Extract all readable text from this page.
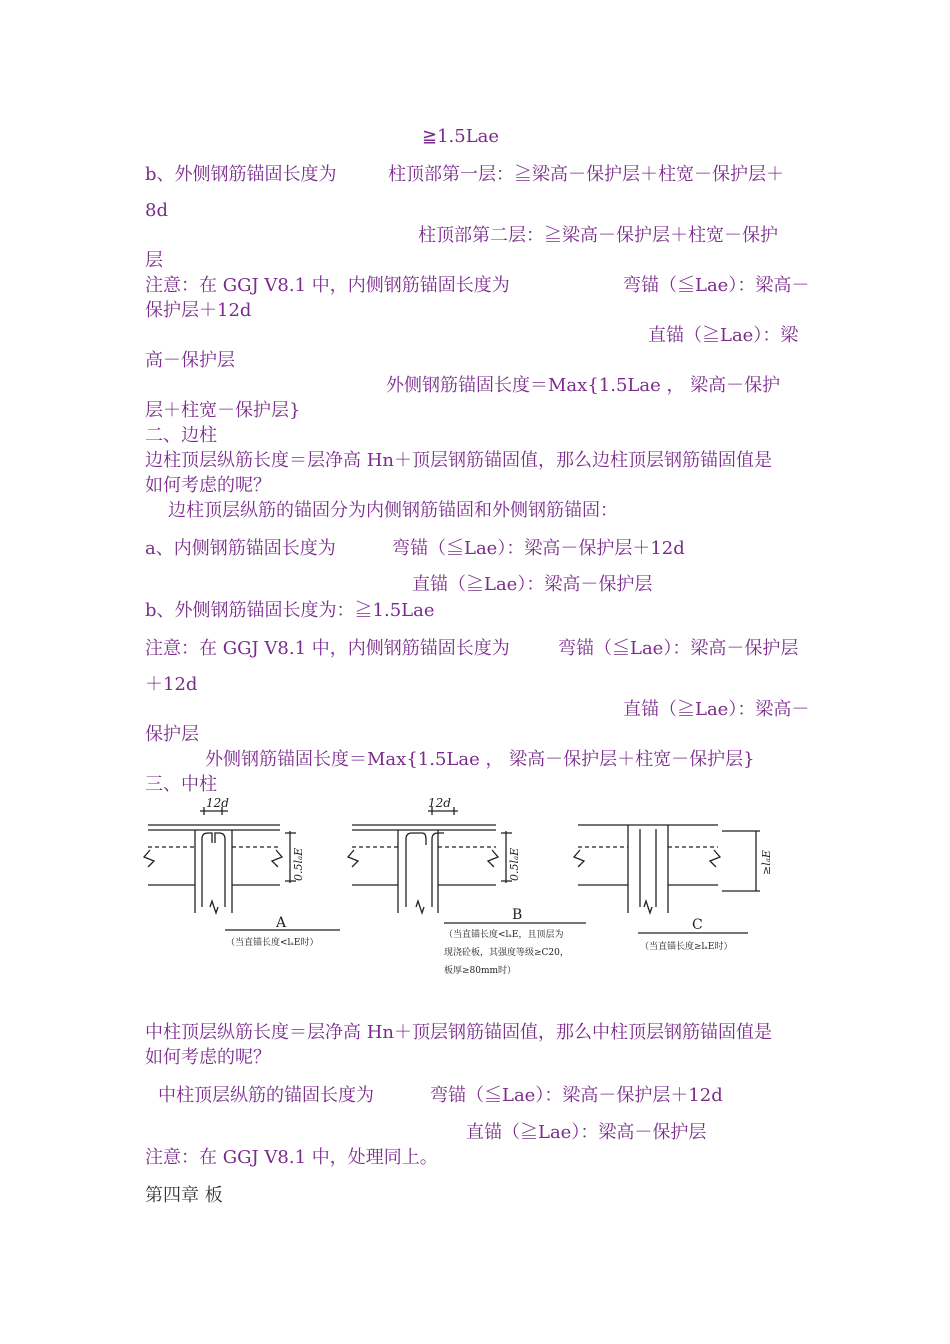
≧1.5Lae
b、外侧钢筋锚固长度为	柱顶部第一层：≧梁高－保护层＋柱宽－保护层＋
8d
柱顶部第二层：≧梁高－保护层＋柱宽－保护
层
注意：在 GGJ V8.1 中，内侧钢筋锚固长度为	弯锚（≦Lae）：梁高－
保护层＋12d
直锚（≧Lae）：梁
高－保护层
外侧钢筋锚固长度＝Max{1.5Lae ， 梁高－保护
层＋柱宽－保护层}
二、边柱
边柱顶层纵筋长度＝层净高 Hn＋顶层钢筋锚固值，那么边柱顶层钢筋锚固值是
如何考虑的呢？
边柱顶层纵筋的锚固分为内侧钢筋锚固和外侧钢筋锚固：
a、内侧钢筋锚固长度为	弯锚（≦Lae）：梁高－保护层＋12d
直锚（≧Lae）：梁高－保护层
b、外侧钢筋锚固长度为：≧1.5Lae
注意：在 GGJ V8.1 中，内侧钢筋锚固长度为	弯锚（≦Lae）：梁高－保护层
＋12d
直锚（≧Lae）：梁高－
保护层
外侧钢筋锚固长度＝Max{1.5Lae ， 梁高－保护层＋柱宽－保护层}
三、中柱
12d
0.5lₐE
A
（当直锚长度<lₐE时）
12d
0.5lₐE
B
（当直锚长度<lₐE，且顶层为
现浇砼板，其强度等级≥C20，
板厚≥80mm时）
≥lₐE
C
（当直锚长度≥lₐE时）
中柱顶层纵筋长度＝层净高 Hn＋顶层钢筋锚固值，那么中柱顶层钢筋锚固值是
如何考虑的呢？
中柱顶层纵筋的锚固长度为	弯锚（≦Lae）：梁高－保护层＋12d
直锚（≧Lae）：梁高－保护层
注意：在 GGJ V8.1 中，处理同上。
第四章 板
